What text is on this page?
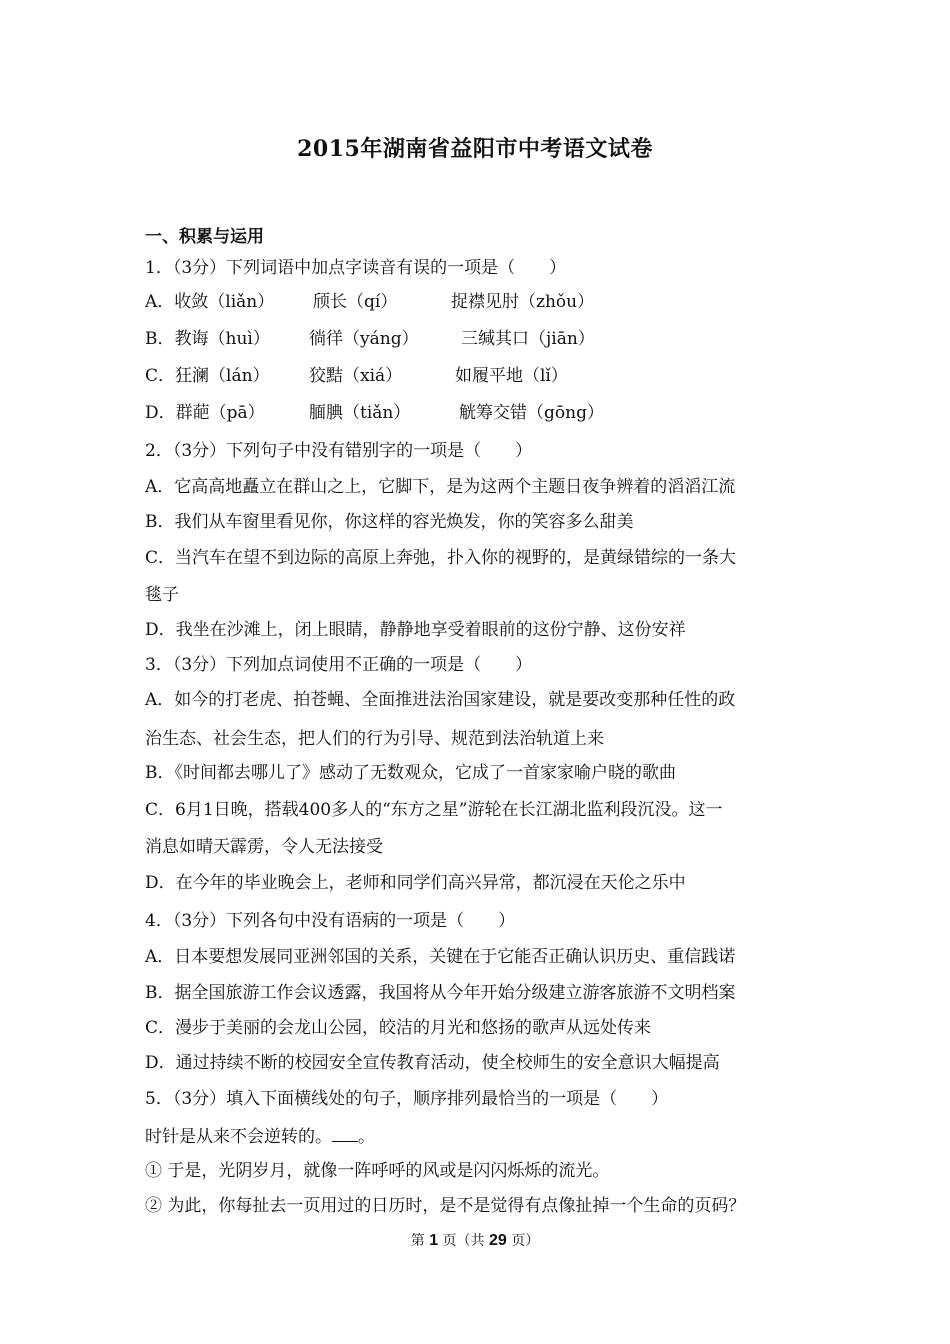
2015年湖南省益阳市中考语文试卷
一、积累与运用
1．（3分）下列词语中加点字读音有误的一项是（　　）
A．收敛（liǎn） 颀长（qí）	捉襟见肘（zhǒu）
B．教诲（huì） 徜徉（yáng） 三缄其口（jiān）
C．狂澜（lán） 狡黠（xiá）	如履平地（lǐ）
D．群葩（pā）	腼腆（tiǎn）	觥筹交错（gōng）
2．（3分）下列句子中没有错别字的一项是（　　）
A．它高高地矗立在群山之上，它脚下，是为这两个主题日夜争辨着的滔滔江流
B．我们从车窗里看见你，你这样的容光焕发，你的笑容多么甜美
C．当汽车在望不到边际的高原上奔弛，扑入你的视野的，是黄绿错综的一条大
毯子
D．我坐在沙滩上，闭上眼睛，静静地享受着眼前的这份宁静、这份安祥
3．（3分）下列加点词使用不正确的一项是（　　）
A．如今的打老虎、拍苍蝇、全面推进法治国家建设，就是要改变那种任性的政
治生态、社会生态，把人们的行为引导、规范到法治轨道上来
B．《时间都去哪儿了》感动了无数观众，它成了一首家家喻户晓的歌曲
C．6月1日晚，搭载400多人的“东方之星”游轮在长江湖北监利段沉没。这一
消息如晴天霹雳，令人无法接受
D．在今年的毕业晚会上，老师和同学们高兴异常，都沉浸在天伦之乐中
4．（3分）下列各句中没有语病的一项是（　　）
A．日本要想发展同亚洲邻国的关系，关键在于它能否正确认识历史、重信践诺
B．据全国旅游工作会议透露，我国将从今年开始分级建立游客旅游不文明档案
C．漫步于美丽的会龙山公园，皎洁的月光和悠扬的歌声从远处传来
D．通过持续不断的校园安全宣传教育活动，使全校师生的安全意识大幅提高
5．（3分）填入下面横线处的句子，顺序排列最恰当的一项是（　　）
时针是从来不会逆转的。 。
① 于是，光阴岁月，就像一阵呼呼的风或是闪闪烁烁的流光。
② 为此，你每扯去一页用过的日历时，是不是觉得有点像扯掉一个生命的页码？
第 1 页（共 29 页）
